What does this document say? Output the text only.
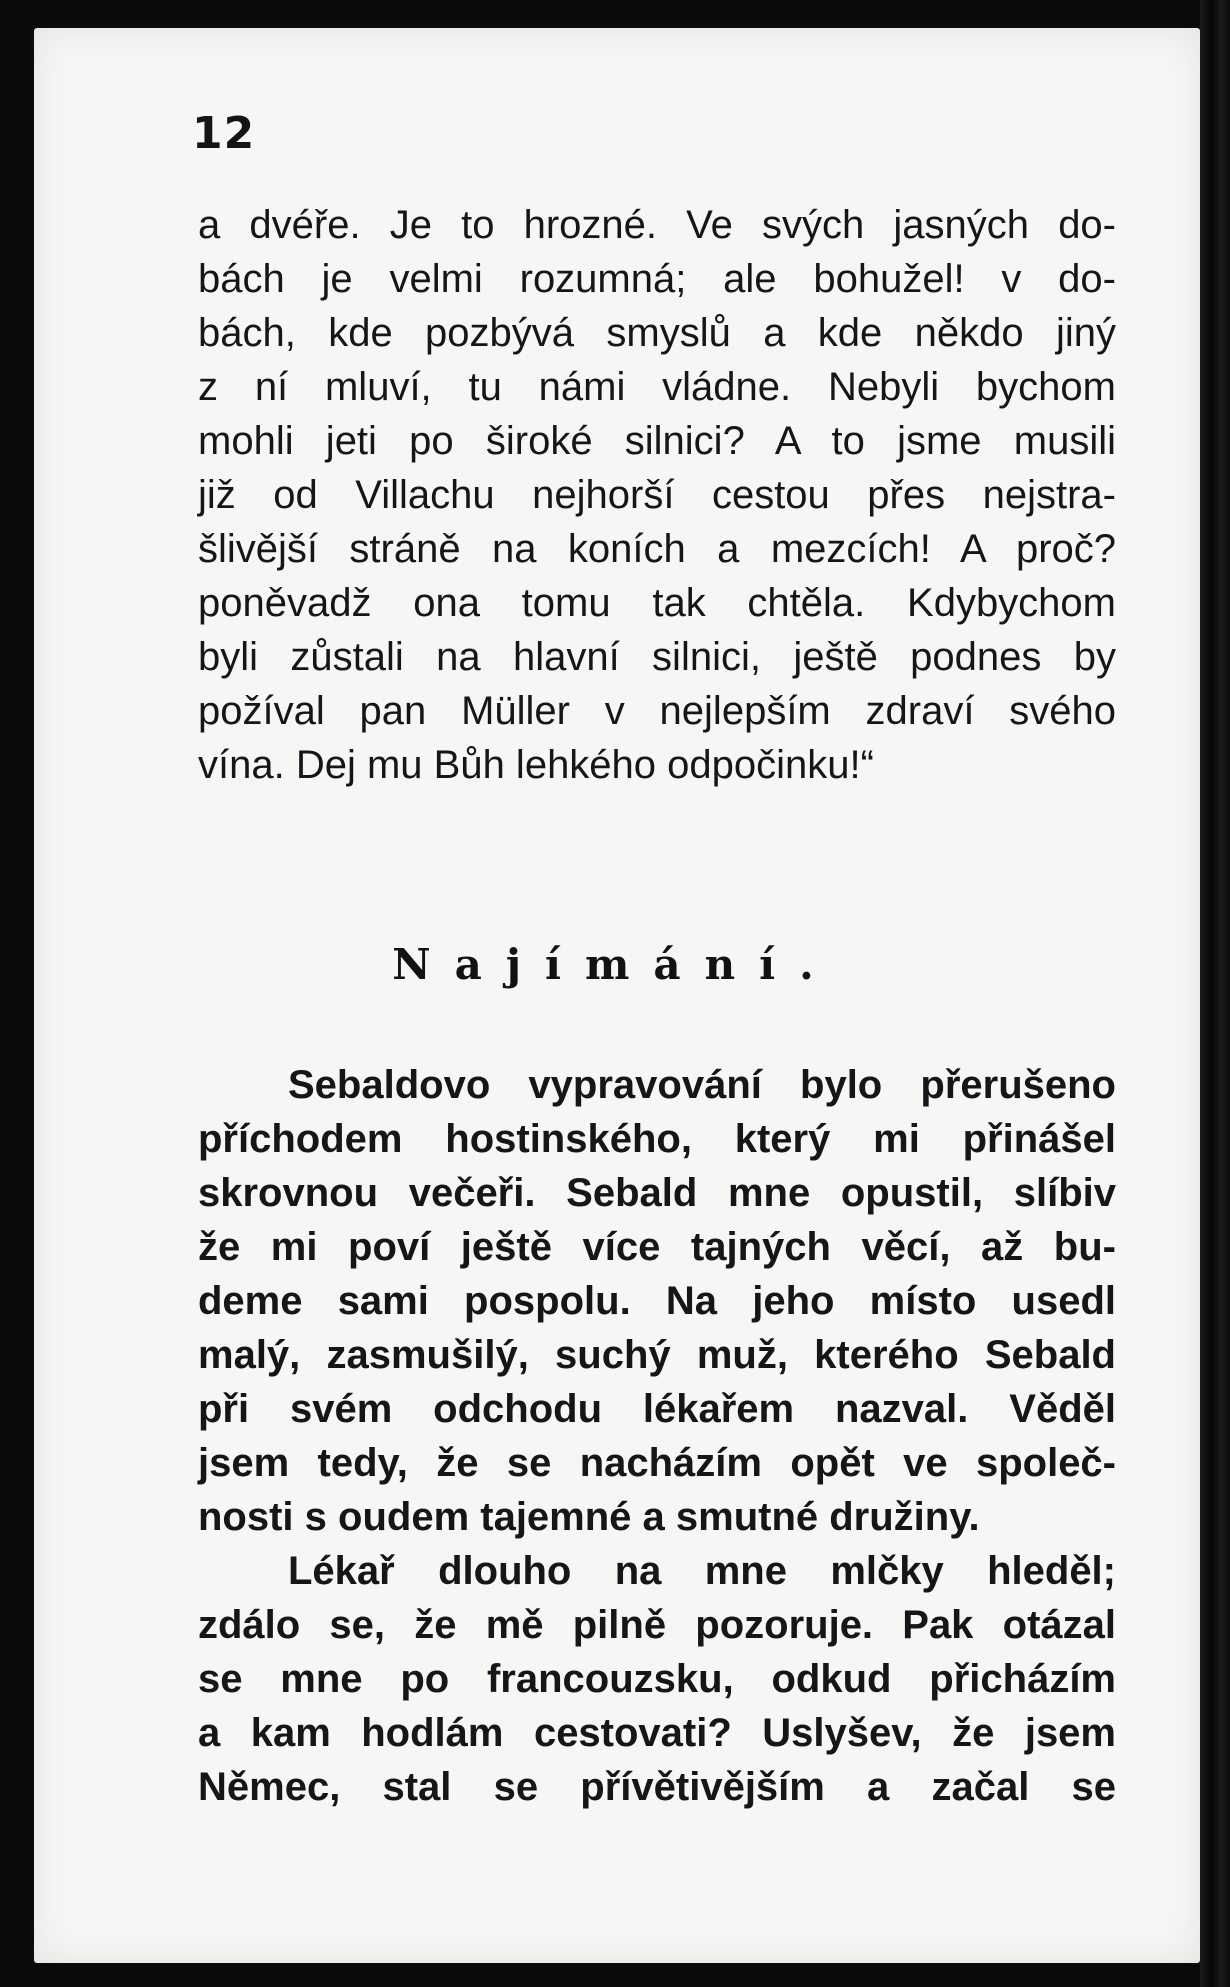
12
a dvéře. Je to hrozné. Ve svých jasných do-
bách je velmi rozumná; ale bohužel! v do-
bách, kde pozbývá smyslů a kde někdo jiný
z ní mluví, tu námi vládne. Nebyli bychom
mohli jeti po široké silnici? A to jsme musili
již od Villachu nejhorší cestou přes nejstra-
šlivější stráně na koních a mezcích! A proč?
poněvadž ona tomu tak chtěla. Kdybychom
byli zůstali na hlavní silnici, ještě podnes by
požíval pan Müller v nejlepším zdraví svého
vína. Dej mu Bůh lehkého odpočinku!“
Najímání.
Sebaldovo vypravování bylo přerušeno
příchodem hostinského, který mi přinášel
skrovnou večeři. Sebald mne opustil, slíbiv
že mi poví ještě více tajných věcí, až bu-
deme sami pospolu. Na jeho místo usedl
malý, zasmušilý, suchý muž, kterého Sebald
při svém odchodu lékařem nazval. Věděl
jsem tedy, že se nacházím opět ve společ-
nosti s oudem tajemné a smutné družiny.
Lékař dlouho na mne mlčky hleděl;
zdálo se, že mě pilně pozoruje. Pak otázal
se mne po francouzsku, odkud přicházím
a kam hodlám cestovati? Uslyšev, že jsem
Němec, stal se přívětivějším a začal se
